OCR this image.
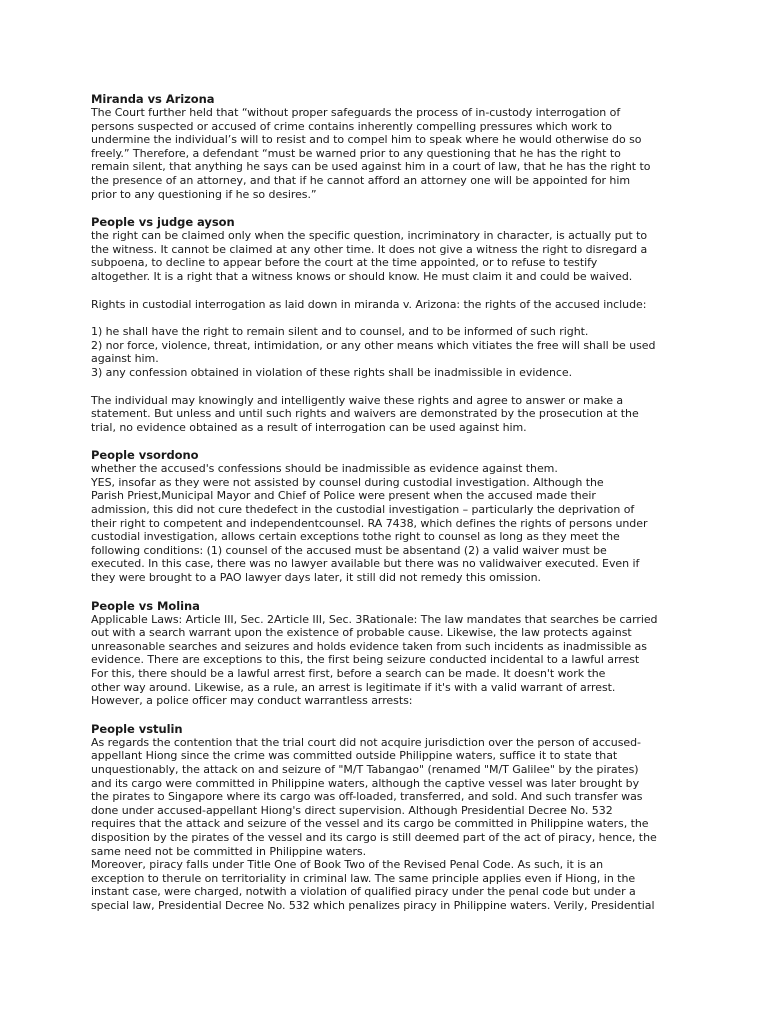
Miranda vs Arizona

The Court further held that “without proper safeguards the process of in-custody interrogation of
persons suspected or accused of crime contains inherently compelling pressures which work to
undermine the individual’s will to resist and to compel him to speak where he would otherwise do so
freely.” Therefore, a defendant “must be warned prior to any questioning that he has the right to
remain silent, that anything he says can be used against him in a court of law, that he has the right to
the presence of an attorney, and that if he cannot afford an attorney one will be appointed for him
prior to any questioning if he so desires.”

People vs judge ayson

the right can be claimed only when the specific question, incriminatory in character, is actually put to
the witness. It cannot be claimed at any other time. It does not give a witness the right to disregard a
subpoena, to decline to appear before the court at the time appointed, or to refuse to testify
altogether. It is a right that a witness knows or should know. He must claim it and could be waived.

Rights in custodial interrogation as laid down in miranda v. Arizona: the rights of the accused include:

1) he shall have the right to remain silent and to counsel, and to be informed of such right.
2) nor force, violence, threat, intimidation, or any other means which vitiates the free will shall be used
against him.
3) any confession obtained in violation of these rights shall be inadmissible in evidence.

The individual may knowingly and intelligently waive these rights and agree to answer or make a
statement. But unless and until such rights and waivers are demonstrated by the prosecution at the
trial, no evidence obtained as a result of interrogation can be used against him.

People vsordono

whether the accused's confessions should be inadmissible as evidence against them.
YES, insofar as they were not assisted by counsel during custodial investigation. Although the
Parish Priest,Municipal Mayor and Chief of Police were present when the accused made their
admission, this did not cure thedefect in the custodial investigation – particularly the deprivation of
their right to competent and independentcounsel. RA 7438, which defines the rights of persons under
custodial investigation, allows certain exceptions tothe right to counsel as long as they meet the
following conditions: (1) counsel of the accused must be absentand (2) a valid waiver must be
executed. In this case, there was no lawyer available but there was no validwaiver executed. Even if
they were brought to a PAO lawyer days later, it still did not remedy this omission.

People vs Molina

Applicable Laws: Article III, Sec. 2Article III, Sec. 3Rationale: The law mandates that searches be carried
out with a search warrant upon the existence of probable cause. Likewise, the law protects against
unreasonable searches and seizures and holds evidence taken from such incidents as inadmissible as
evidence. There are exceptions to this, the first being seizure conducted incidental to a lawful arrest
For this, there should be a lawful arrest first, before a search can be made. It doesn't work the
other way around. Likewise, as a rule, an arrest is legitimate if it's with a valid warrant of arrest.
However, a police officer may conduct warrantless arrests:

People vstulin

As regards the contention that the trial court did not acquire jurisdiction over the person of accused-
appellant Hiong since the crime was committed outside Philippine waters, suffice it to state that
unquestionably, the attack on and seizure of "M/T Tabangao" (renamed "M/T Galilee" by the pirates)
and its cargo were committed in Philippine waters, although the captive vessel was later brought by
the pirates to Singapore where its cargo was off-loaded, transferred, and sold. And such transfer was
done under accused-appellant Hiong's direct supervision. Although Presidential Decree No. 532
requires that the attack and seizure of the vessel and its cargo be committed in Philippine waters, the
disposition by the pirates of the vessel and its cargo is still deemed part of the act of piracy, hence, the
same need not be committed in Philippine waters.
Moreover, piracy falls under Title One of Book Two of the Revised Penal Code. As such, it is an
exception to therule on territoriality in criminal law. The same principle applies even if Hiong, in the
instant case, were charged, notwith a violation of qualified piracy under the penal code but under a
special law, Presidential Decree No. 532 which penalizes piracy in Philippine waters. Verily, Presidential
